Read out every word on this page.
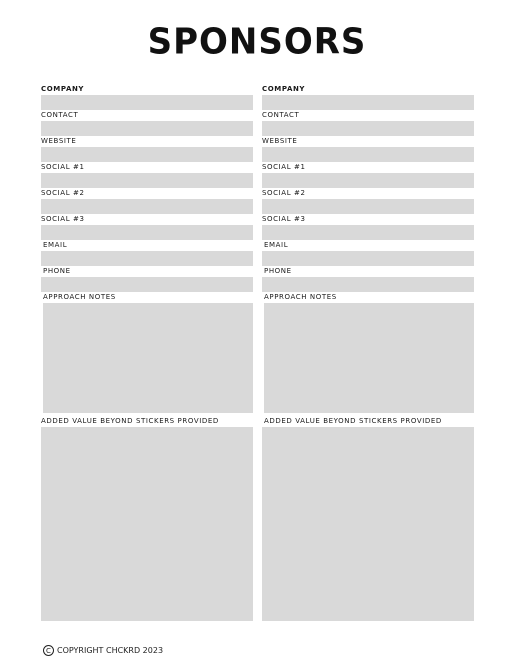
SPONSORS
COMPANY
CONTACT
WEBSITE
SOCIAL #1
SOCIAL #2
SOCIAL #3
EMAIL
PHONE
APPROACH NOTES
ADDED VALUE BEYOND STICKERS PROVIDED
COMPANY
CONTACT
WEBSITE
SOCIAL #1
SOCIAL #2
SOCIAL #3
EMAIL
PHONE
APPROACH NOTES
ADDED VALUE BEYOND STICKERS PROVIDED
C COPYRIGHT CHCKRD 2023
